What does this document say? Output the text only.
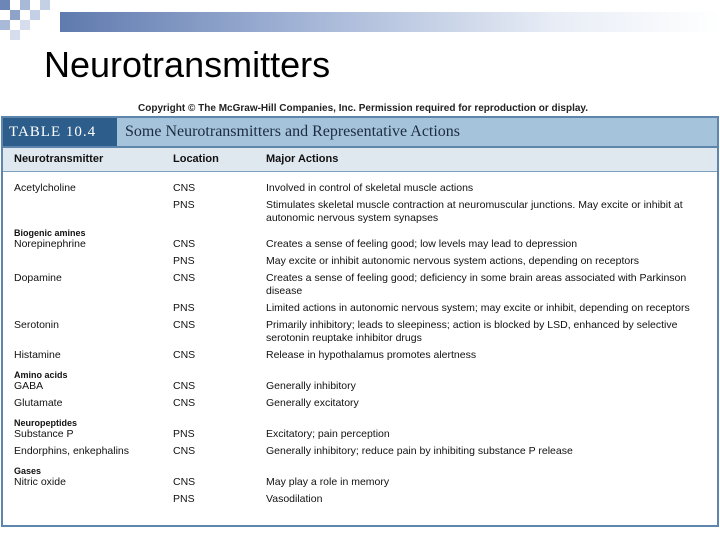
Neurotransmitters
Copyright © The McGraw-Hill Companies, Inc. Permission required for reproduction or display.
TABLE 10.4	Some Neurotransmitters and Representative Actions
Neurotransmitter	Location	Major Actions
Acetylcholine	CNS	Involved in control of skeletal muscle actions
PNS	Stimulates skeletal muscle contraction at neuromuscular junctions. May excite or inhibit at autonomic nervous system synapses
Biogenic amines
Norepinephrine	CNS	Creates a sense of feeling good; low levels may lead to depression
PNS	May excite or inhibit autonomic nervous system actions, depending on receptors
Dopamine	CNS	Creates a sense of feeling good; deficiency in some brain areas associated with Parkinson disease
PNS	Limited actions in autonomic nervous system; may excite or inhibit, depending on receptors
Serotonin	CNS	Primarily inhibitory; leads to sleepiness; action is blocked by LSD, enhanced by selective serotonin reuptake inhibitor drugs
Histamine	CNS	Release in hypothalamus promotes alertness
Amino acids
GABA	CNS	Generally inhibitory
Glutamate	CNS	Generally excitatory
Neuropeptides
Substance P	PNS	Excitatory; pain perception
Endorphins, enkephalins	CNS	Generally inhibitory; reduce pain by inhibiting substance P release
Gases
Nitric oxide	CNS	May play a role in memory
PNS	Vasodilation
